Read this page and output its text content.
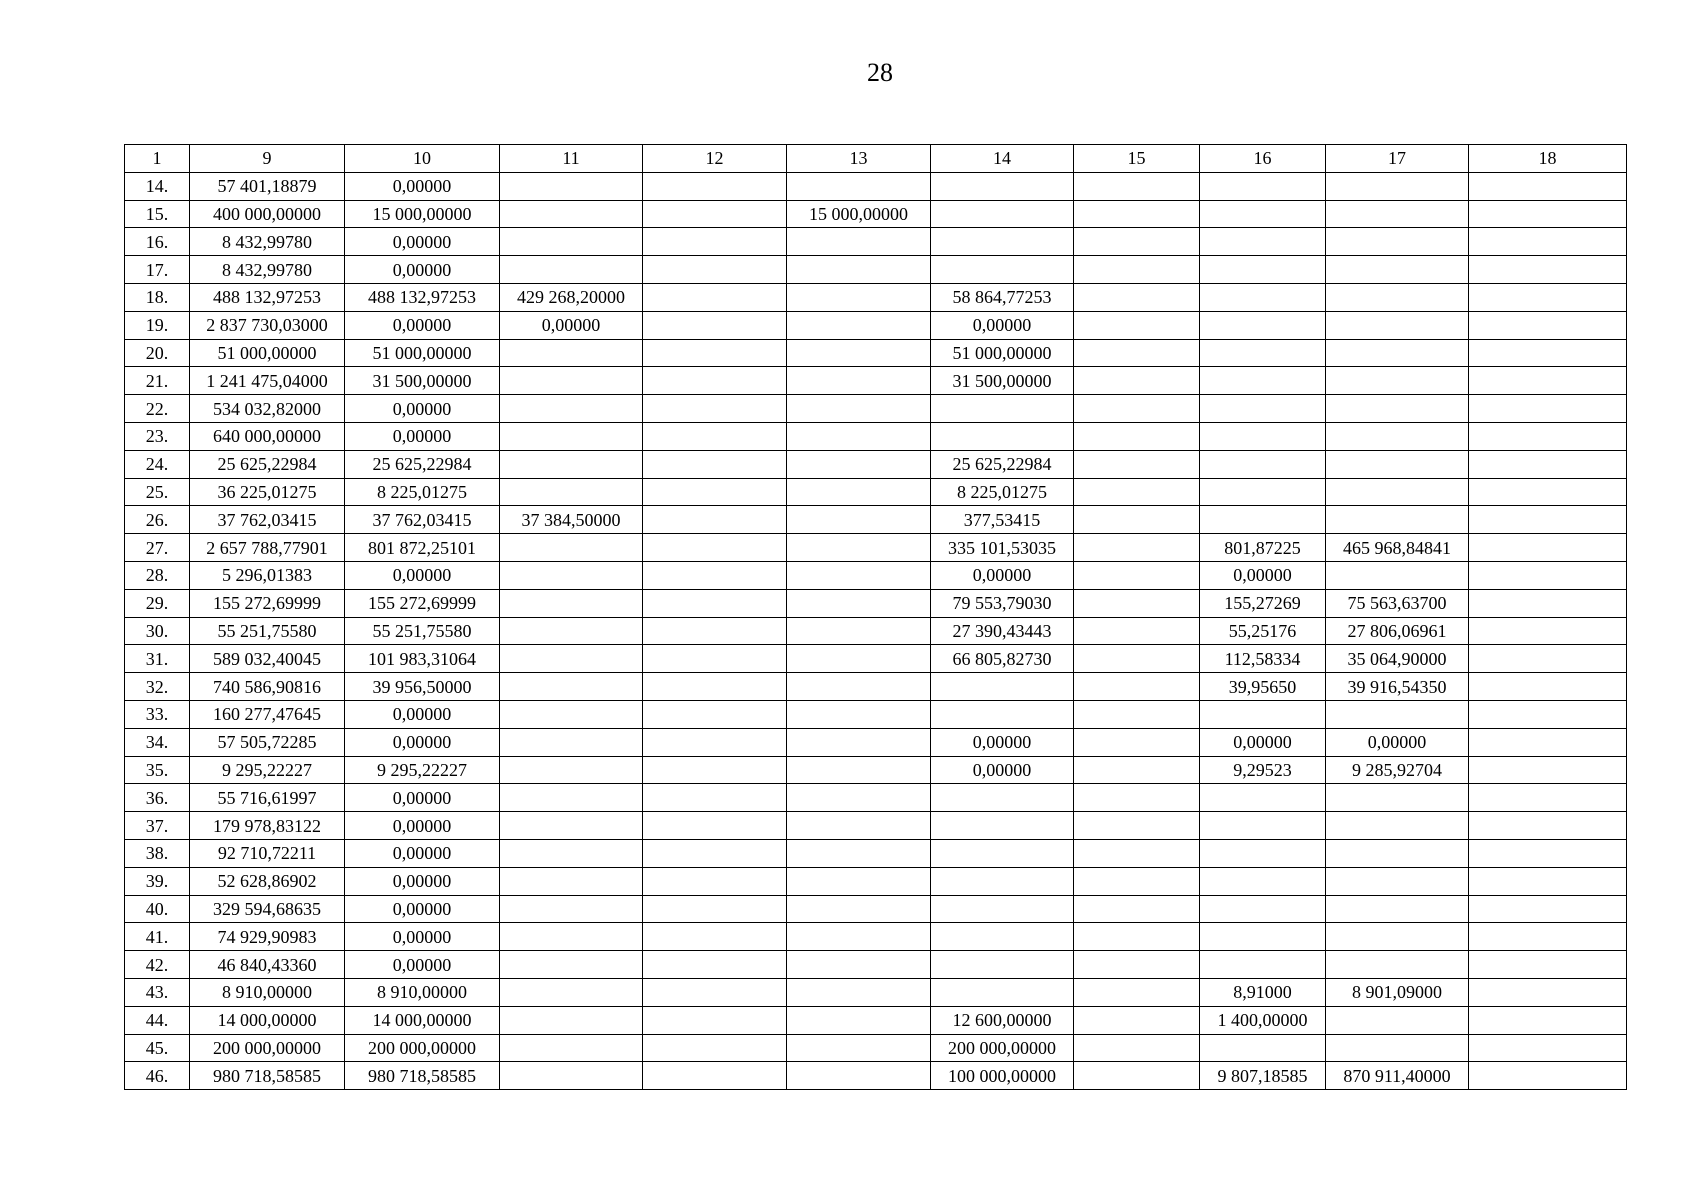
28
1	9	10	11	12	13	14	15	16	17	18
14.	57 401,18879	0,00000								
15.	400 000,00000	15 000,00000			15 000,00000					
16.	8 432,99780	0,00000								
17.	8 432,99780	0,00000								
18.	488 132,97253	488 132,97253	429 268,20000			58 864,77253				
19.	2 837 730,03000	0,00000	0,00000			0,00000				
20.	51 000,00000	51 000,00000				51 000,00000				
21.	1 241 475,04000	31 500,00000				31 500,00000				
22.	534 032,82000	0,00000								
23.	640 000,00000	0,00000								
24.	25 625,22984	25 625,22984				25 625,22984				
25.	36 225,01275	8 225,01275				8 225,01275				
26.	37 762,03415	37 762,03415	37 384,50000			377,53415				
27.	2 657 788,77901	801 872,25101				335 101,53035		801,87225	465 968,84841	
28.	5 296,01383	0,00000				0,00000		0,00000		
29.	155 272,69999	155 272,69999				79 553,79030		155,27269	75 563,63700	
30.	55 251,75580	55 251,75580				27 390,43443		55,25176	27 806,06961	
31.	589 032,40045	101 983,31064				66 805,82730		112,58334	35 064,90000	
32.	740 586,90816	39 956,50000						39,95650	39 916,54350	
33.	160 277,47645	0,00000								
34.	57 505,72285	0,00000				0,00000		0,00000	0,00000	
35.	9 295,22227	9 295,22227				0,00000		9,29523	9 285,92704	
36.	55 716,61997	0,00000								
37.	179 978,83122	0,00000								
38.	92 710,72211	0,00000								
39.	52 628,86902	0,00000								
40.	329 594,68635	0,00000								
41.	74 929,90983	0,00000								
42.	46 840,43360	0,00000								
43.	8 910,00000	8 910,00000						8,91000	8 901,09000	
44.	14 000,00000	14 000,00000				12 600,00000		1 400,00000		
45.	200 000,00000	200 000,00000				200 000,00000				
46.	980 718,58585	980 718,58585				100 000,00000		9 807,18585	870 911,40000	
